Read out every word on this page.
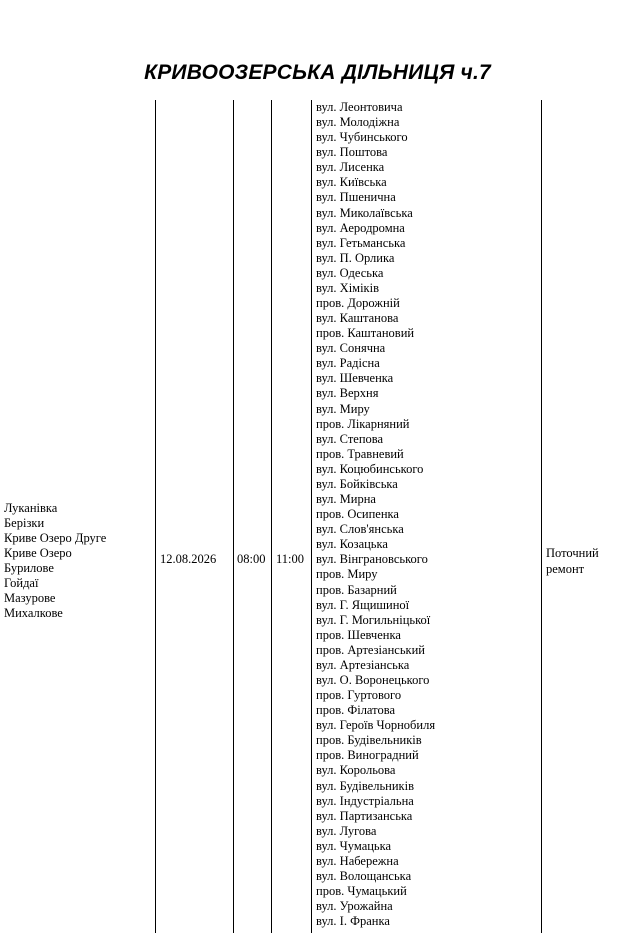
КРИВООЗЕРСЬКА ДІЛЬНИЦЯ ч.7
Луканівка
Берізки
Криве Озеро Друге
Криве Озеро
Бурилове
Гойдаї
Мазурове
Михалкове
12.08.2026 08:00 11:00
вул. Леонтовича
вул. Молодіжна
вул. Чубинського
вул. Поштова
вул. Лисенка
вул. Київська
вул. Пшенична
вул. Миколаївська
вул. Аеродромна
вул. Гетьманська
вул. П. Орлика
вул. Одеська
вул. Хіміків
пров. Дорожній
вул. Каштанова
пров. Каштановий
вул. Сонячна
вул. Радісна
вул. Шевченка
вул. Верхня
вул. Миру
пров. Лікарняний
вул. Степова
пров. Травневий
вул. Коцюбинського
вул. Бойківська
вул. Мирна
пров. Осипенка
вул. Слов'янська
вул. Козацька
вул. Вінграновського
пров. Миру
пров. Базарний
вул. Г. Ящишиної
вул. Г. Могильніцької
пров. Шевченка
пров. Артезіанський
вул. Артезіанська
вул. О. Воронецького
пров. Гуртового
пров. Філатова
вул. Героїв Чорнобиля
пров. Будівельників
пров. Виноградний
вул. Корольова
вул. Будівельників
вул. Індустріальна
вул. Партизанська
вул. Лугова
вул. Чумацька
вул. Набережна
вул. Волощанська
пров. Чумацький
вул. Урожайна
вул. І. Франка
Поточний
ремонт
